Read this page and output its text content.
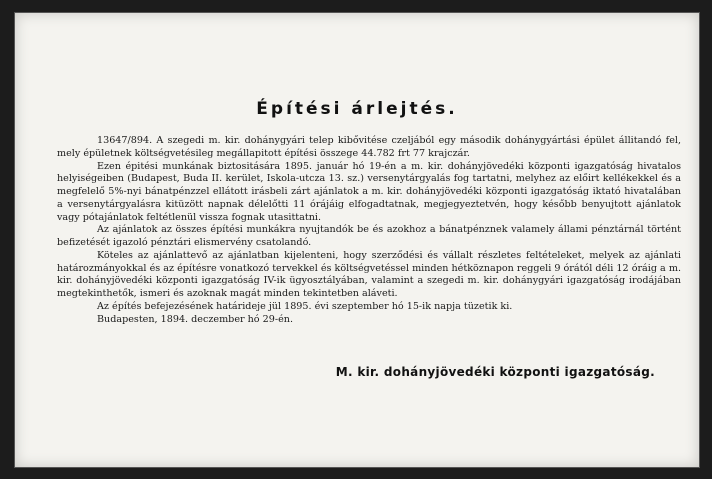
Építési árlejtés.

13647/894. A szegedi m. kir. dohánygyári telep kibővitése czeljából egy második dohánygyártási épület állitandó fel, mely épületnek költségvetésileg megállapitott építési összege 44.782 frt 77 krajczár.

Ezen épitési munkának biztositására 1895. január hó 19-én a m. kir. dohányjövedéki központi igazgatóság hivatalos helyiségeiben (Budapest, Buda II. kerület, Iskola-utcza 13. sz.) versenytárgyalás fog tartatni, melyhez az előirt kellékekkel és a megfelelő 5%-nyi bánatpénzzel ellátott irásbeli zárt ajánlatok a m. kir. dohányjövedéki központi igazgatóság iktató hivatalában a versenytárgyalásra kitüzött napnak délelőtti 11 órájáig elfogadtatnak, megjegyeztetvén, hogy később benyujtott ajánlatok vagy pótajánlatok feltétlenül vissza fognak utasittatni.

Az ajánlatok az összes építési munkákra nyujtandók be és azokhoz a bánatpénznek valamely állami pénztárnál történt befizetését igazoló pénztári elismervény csatolandó.

Köteles az ajánlattevő az ajánlatban kijelenteni, hogy szerződési és vállalt részletes feltételeket, melyek az ajánlati határozmányokkal és az építésre vonatkozó tervekkel és költségvetéssel minden hétköznapon reggeli 9 órától déli 12 óráig a m. kir. dohányjövedéki központi igazgatóság IV-ik ügyosztályában, valamint a szegedi m. kir. dohánygyári igazgatóság irodájában megtekinthetők, ismeri és azoknak magát minden tekintetben aláveti.

Az építés befejezésének határideje jül 1895. évi szeptember hó 15-ik napja tüzetik ki.

Budapesten, 1894. deczember hó 29-én.

M. kir. dohányjövedéki központi igazgatóság.
